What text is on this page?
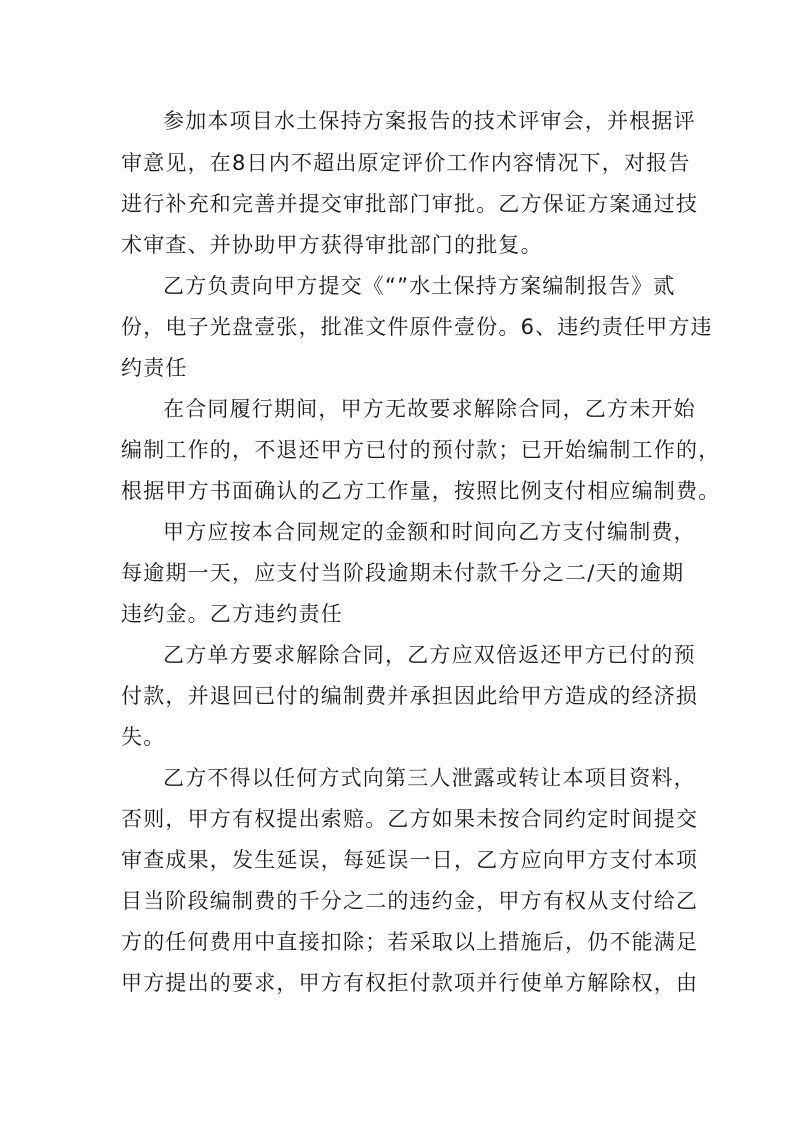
参加本项目水土保持方案报告的技术评审会，并根据评
审意见，在8日内不超出原定评价工作内容情况下，对报告
进行补充和完善并提交审批部门审批。乙方保证方案通过技
术审查、并协助甲方获得审批部门的批复。
乙方负责向甲方提交《“”水土保持方案编制报告》贰
份，电子光盘壹张，批准文件原件壹份。6、违约责任甲方违
约责任
在合同履行期间，甲方无故要求解除合同，乙方未开始
编制工作的，不退还甲方已付的预付款；已开始编制工作的，
根据甲方书面确认的乙方工作量，按照比例支付相应编制费。
甲方应按本合同规定的金额和时间向乙方支付编制费，
每逾期一天，应支付当阶段逾期未付款千分之二/天的逾期
违约金。乙方违约责任
乙方单方要求解除合同，乙方应双倍返还甲方已付的预
付款，并退回已付的编制费并承担因此给甲方造成的经济损
失。
乙方不得以任何方式向第三人泄露或转让本项目资料，
否则，甲方有权提出索赔。乙方如果未按合同约定时间提交
审查成果，发生延误，每延误一日，乙方应向甲方支付本项
目当阶段编制费的千分之二的违约金，甲方有权从支付给乙
方的任何费用中直接扣除；若采取以上措施后，仍不能满足
甲方提出的要求，甲方有权拒付款项并行使单方解除权，由
